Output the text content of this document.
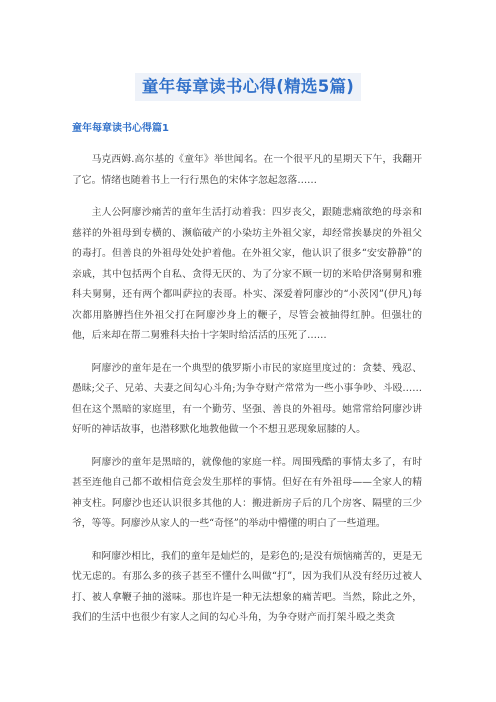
童年每章读书心得(精选5篇)
童年每章读书心得篇1

马克西姆.高尔基的《童年》举世闻名。在一个很平凡的星期天下午，我翻开了它。情绪也随着书上一行行黑色的宋体字忽起忽落……

主人公阿廖沙痛苦的童年生活打动着我：四岁丧父，跟随悲痛欲绝的母亲和慈祥的外祖母到专横的、濒临破产的小染坊主外祖父家，却经常挨暴戾的外祖父的毒打。但善良的外祖母处处护着他。在外祖父家，他认识了很多“安安静静”的亲戚，其中包括两个自私、贪得无厌的、为了分家不顾一切的米哈伊洛舅舅和雅科夫舅舅，还有两个都叫萨拉的表哥。朴实、深爱着阿廖沙的“小茨冈”(伊凡)每次都用胳膊挡住外祖父打在阿廖沙身上的鞭子，尽管会被抽得红肿。但强壮的他，后来却在帮二舅雅科夫抬十字架时给活活的压死了……

阿廖沙的童年是在一个典型的俄罗斯小市民的家庭里度过的：贪婪、残忍、愚昧;父子、兄弟、夫妻之间勾心斗角;为争夺财产常常为一些小事争吵、斗殴……但在这个黑暗的家庭里，有一个勤劳、坚强、善良的外祖母。她常常给阿廖沙讲好听的神话故事，也潜移默化地教他做一个不想丑恶现象屈膝的人。

阿廖沙的童年是黑暗的，就像他的家庭一样。周围残酷的事情太多了，有时甚至连他自己都不敢相信竟会发生那样的事情。但好在有外祖母——全家人的精神支柱。阿廖沙也还认识很多其他的人：搬进新房子后的几个房客、隔壁的三少爷，等等。阿廖沙从家人的一些“奇怪”的举动中懵懂的明白了一些道理。

和阿廖沙相比，我们的童年是灿烂的，是彩色的;是没有烦恼痛苦的，更是无忧无虑的。有那么多的孩子甚至不懂什么叫做“打”，因为我们从没有经历过被人打、被人拿鞭子抽的滋味。那也许是一种无法想象的痛苦吧。当然，除此之外，我们的生活中也很少有家人之间的勾心斗角，为争夺财产而打架斗殴之类贪
